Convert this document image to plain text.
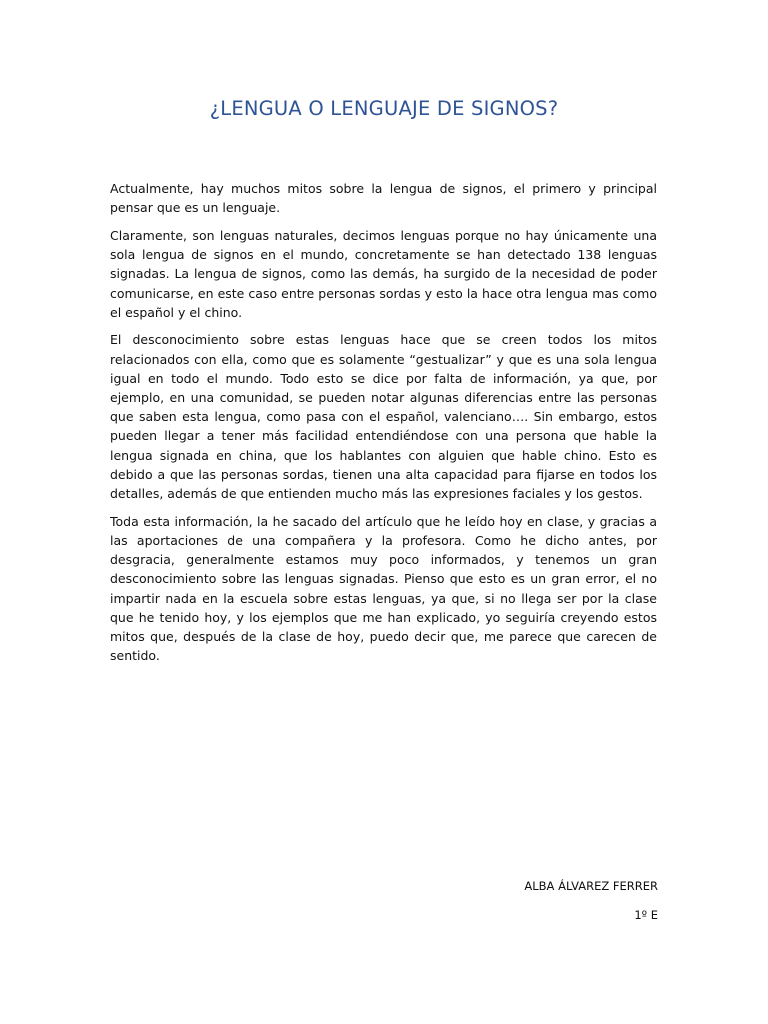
¿LENGUA O LENGUAJE DE SIGNOS?

Actualmente, hay muchos mitos sobre la lengua de signos, el primero y principal pensar que es un lenguaje.

Claramente, son lenguas naturales, decimos lenguas porque no hay únicamente una sola lengua de signos en el mundo, concretamente se han detectado 138 lenguas signadas. La lengua de signos, como las demás, ha surgido de la necesidad de poder comunicarse, en este caso entre personas sordas y esto la hace otra lengua mas como el español y el chino.

El desconocimiento sobre estas lenguas hace que se creen todos los mitos relacionados con ella, como que es solamente “gestualizar” y que es una sola lengua igual en todo el mundo. Todo esto se dice por falta de información, ya que, por ejemplo, en una comunidad, se pueden notar algunas diferencias entre las personas que saben esta lengua, como pasa con el español, valenciano…. Sin embargo, estos pueden llegar a tener más facilidad entendiéndose con una persona que hable la lengua signada en china, que los hablantes con alguien que hable chino. Esto es debido a que las personas sordas, tienen una alta capacidad para fijarse en todos los detalles, además de que entienden mucho más las expresiones faciales y los gestos.

Toda esta información, la he sacado del artículo que he leído hoy en clase, y gracias a las aportaciones de una compañera y la profesora. Como he dicho antes, por desgracia, generalmente estamos muy poco informados, y tenemos un gran desconocimiento sobre las lenguas signadas. Pienso que esto es un gran error, el no impartir nada en la escuela sobre estas lenguas, ya que, si no llega ser por la clase que he tenido hoy, y los ejemplos que me han explicado, yo seguiría creyendo estos mitos que, después de la clase de hoy, puedo decir que, me parece que carecen de sentido.

ALBA ÁLVAREZ FERRER
1º E
